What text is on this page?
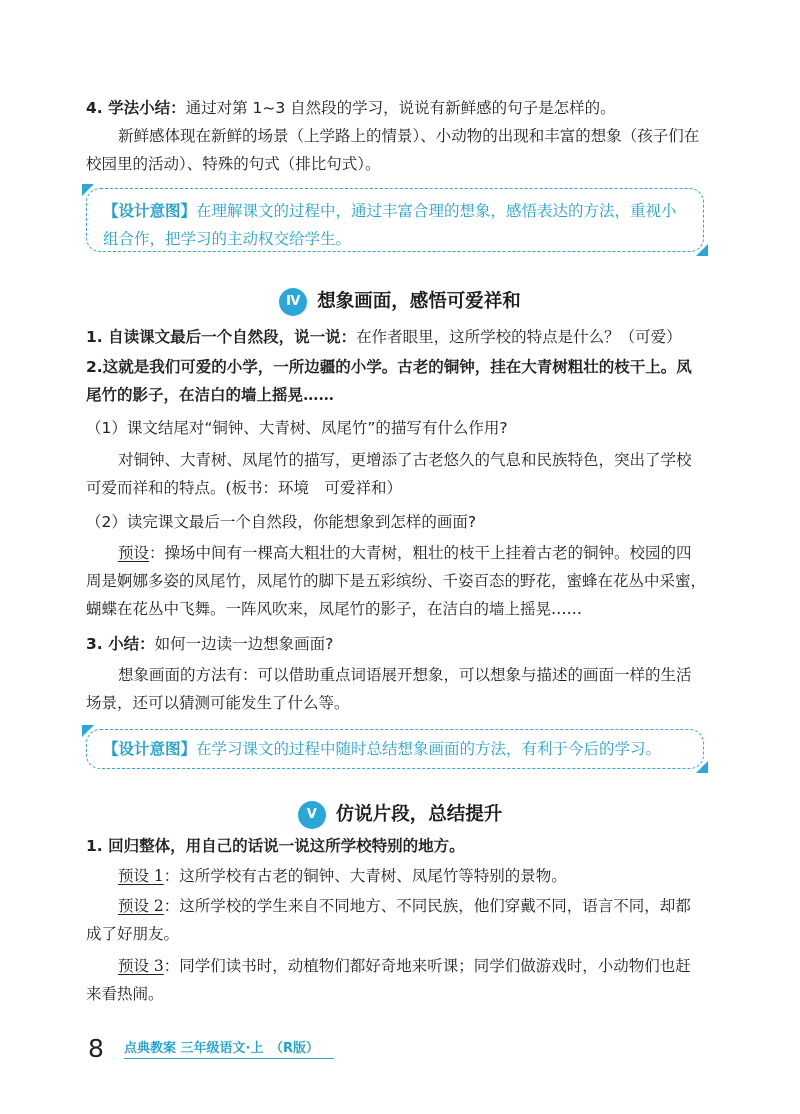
4. 学法小结：通过对第 1~3 自然段的学习，说说有新鲜感的句子是怎样的。
新鲜感体现在新鲜的场景（上学路上的情景）、小动物的出现和丰富的想象（孩子们在校园里的活动）、特殊的句式（排比句式）。
【设计意图】在理解课文的过程中，通过丰富合理的想象，感悟表达的方法，重视小组合作，把学习的主动权交给学生。
Ⅳ 想象画面，感悟可爱祥和
1. 自读课文最后一个自然段，说一说：在作者眼里，这所学校的特点是什么？（可爱）
2.这就是我们可爱的小学，一所边疆的小学。古老的铜钟，挂在大青树粗壮的枝干上。凤尾竹的影子，在洁白的墙上摇晃……
（1）课文结尾对“铜钟、大青树、凤尾竹”的描写有什么作用?
对铜钟、大青树、凤尾竹的描写，更增添了古老悠久的气息和民族特色，突出了学校可爱而祥和的特点。(板书：环境　可爱祥和）
（2）读完课文最后一个自然段，你能想象到怎样的画面?
预设：操场中间有一棵高大粗壮的大青树，粗壮的枝干上挂着古老的铜钟。校园的四周是婀娜多姿的凤尾竹，凤尾竹的脚下是五彩缤纷、千姿百态的野花，蜜蜂在花丛中采蜜，蝴蝶在花丛中飞舞。一阵风吹来，凤尾竹的影子，在洁白的墙上摇晃……
3. 小结：如何一边读一边想象画面?
想象画面的方法有：可以借助重点词语展开想象，可以想象与描述的画面一样的生活场景，还可以猜测可能发生了什么等。
【设计意图】在学习课文的过程中随时总结想象画面的方法，有利于今后的学习。
Ⅴ 仿说片段，总结提升
1. 回归整体，用自己的话说一说这所学校特别的地方。
预设 1：这所学校有古老的铜钟、大青树、凤尾竹等特别的景物。
预设 2：这所学校的学生来自不同地方、不同民族，他们穿戴不同，语言不同，却都成了好朋友。
预设 3：同学们读书时，动植物们都好奇地来听课；同学们做游戏时，小动物们也赶来看热闹。
8 点典教案 三年级语文·上　（R版）
